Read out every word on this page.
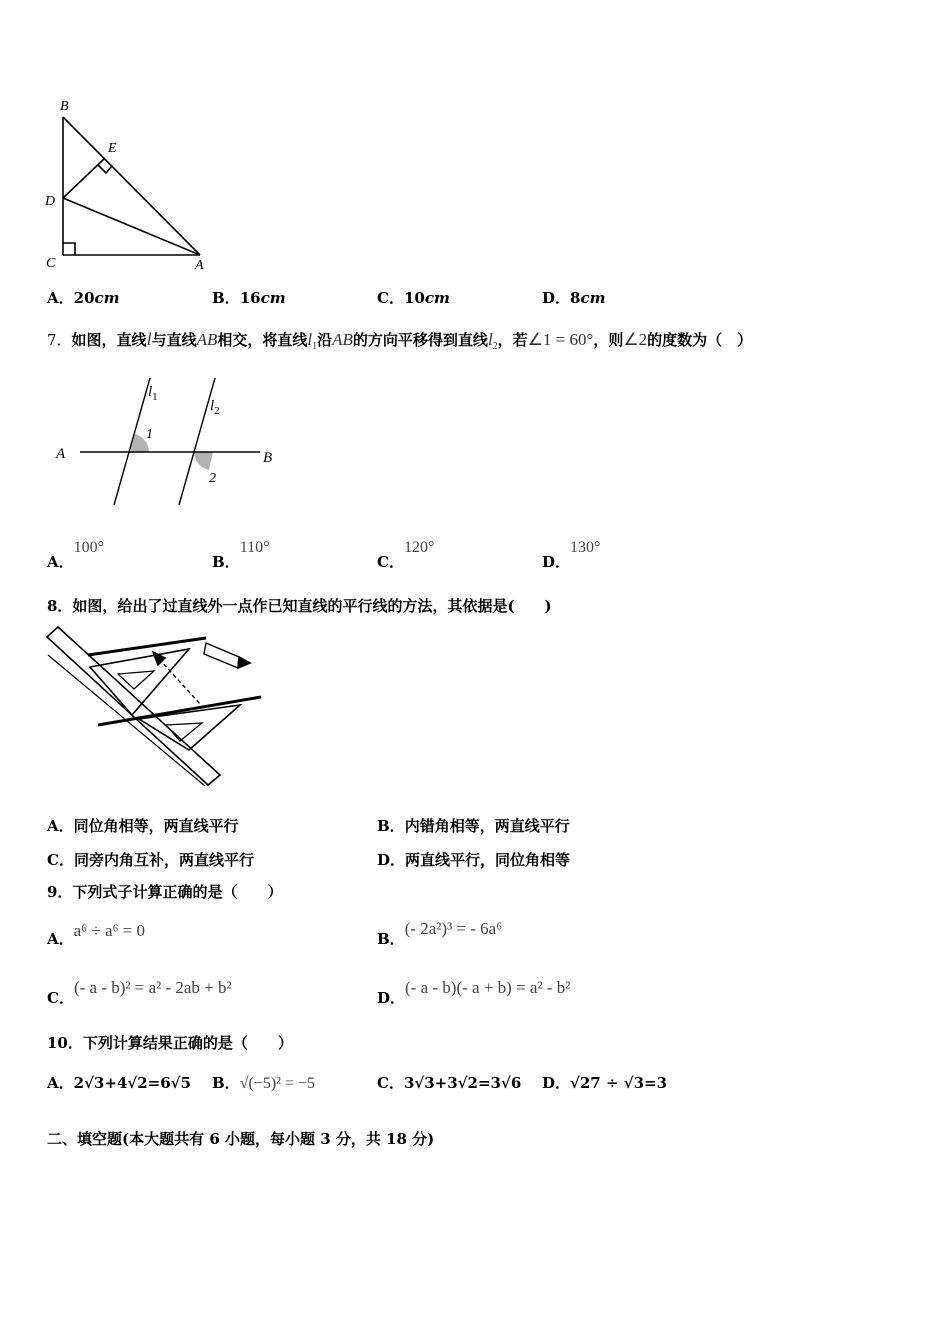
B
E
D
C	A
A．20cm	B．16cm	C．10cm	D．8cm
7．如图，直线l与直线AB相交，将直线$l_1$沿AB的方向平移得到直线$l_2$，若∠1 = 60°，则∠2的度数为（　）
A	B
$l_1$
$l_2$
1
2
A．100°
B．110°
C．120°
D．130°
8．如图，给出了过直线外一点作已知直线的平行线的方法，其依据是(　　)
A．同位角相等，两直线平行	B．内错角相等，两直线平行
C．同旁内角互补，两直线平行	D．两直线平行，同位角相等
9．下列式子计算正确的是（　　）
A．a⁶ ÷ a⁶ = 0	B．(- 2a²)³ = - 6a⁶
C．(- a - b)² = a² - 2ab + b²
D．(- a - b)(- a + b) = a² - b²
10．下列计算结果正确的是（　　）
A．2√3+4√2=6√5 B．√(−5)² = −5	C．3√3+3√2=3√6 D．√27 ÷ √3=3
二、填空题(本大题共有 6 小题，每小题 3 分，共 18 分)
